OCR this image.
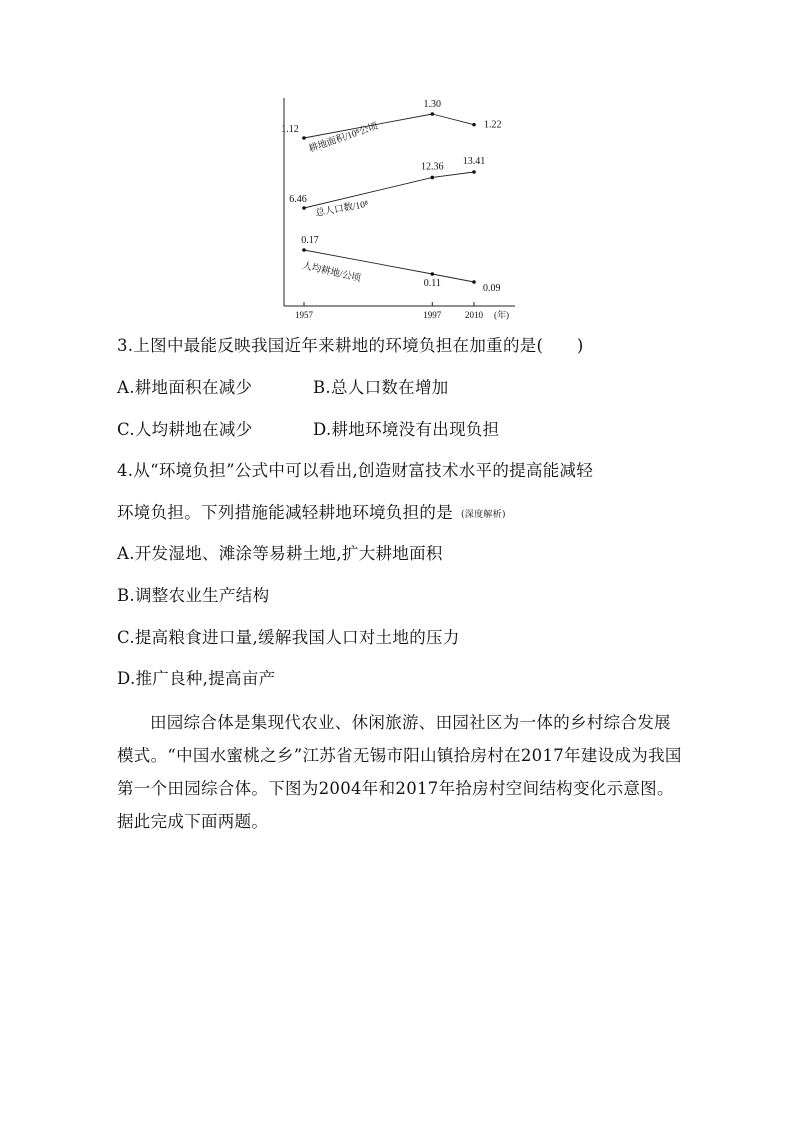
1957	1997	2010 (年)
1.12
1.30
1.22
耕地面积/10⁸公顷
6.46
12.36 13.41
总人口数/10⁸
0.17
0.11	0.09
人均耕地/公顷
3.上图中最能反映我国近年来耕地的环境负担在加重的是(　　)
A.耕地面积在减少	B.总人口数在增加
C.人均耕地在减少	D.耕地环境没有出现负担
4.从“环境负担”公式中可以看出,创造财富技术水平的提高能减轻
环境负担。下列措施能减轻耕地环境负担的是 (深度解析)
A.开发湿地、滩涂等易耕土地,扩大耕地面积
B.调整农业生产结构
C.提高粮食进口量,缓解我国人口对土地的压力
D.推广良种,提高亩产
田园综合体是集现代农业、休闲旅游、田园社区为一体的乡村综合发展模式。“中国水蜜桃之乡”江苏省无锡市阳山镇拾房村在2017年建设成为我国第一个田园综合体。下图为2004年和2017年拾房村空间结构变化示意图。据此完成下面两题。
